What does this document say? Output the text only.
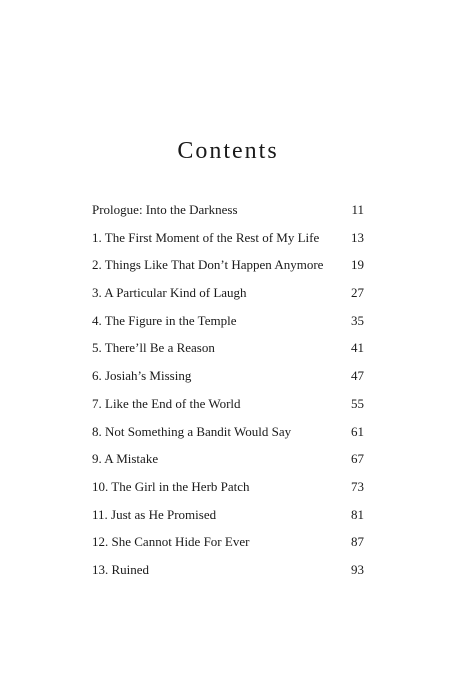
Contents
Prologue: Into the Darkness	11
1. The First Moment of the Rest of My Life 13
2. Things Like That Don’t Happen Anymore 19
3. A Particular Kind of Laugh	27
4. The Figure in the Temple	35
5. There’ll Be a Reason	41
6. Josiah’s Missing	47
7. Like the End of the World	55
8. Not Something a Bandit Would Say	61
9. A Mistake	67
10. The Girl in the Herb Patch	73
11. Just as He Promised	81
12. She Cannot Hide For Ever	87
13. Ruined	93
